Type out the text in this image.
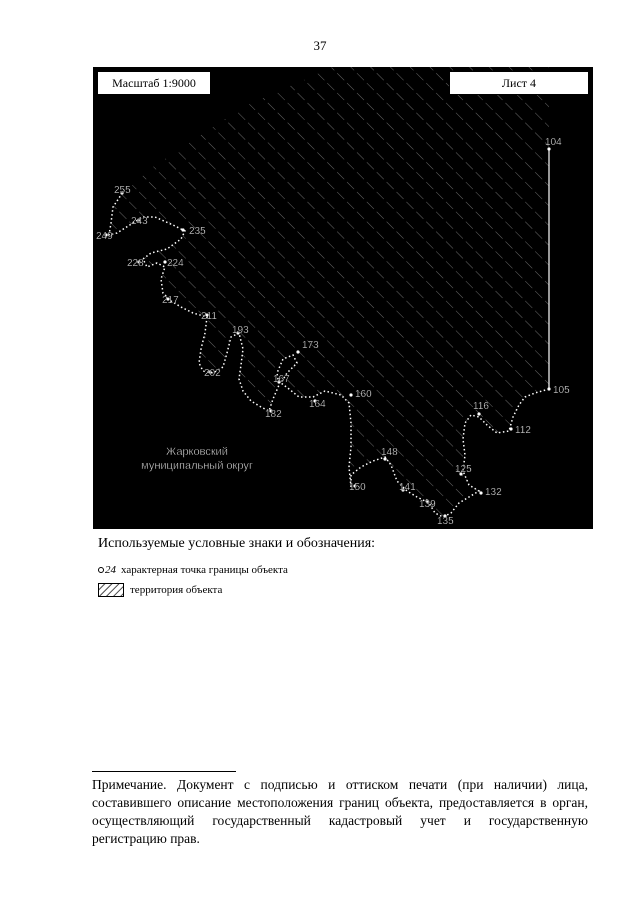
37
104
105
112
116
125
132
135
139
141
148
150
160
164
167
173
182
193
202
211
217
224
228
235
243
249
255
Жарковский
муниципальный округ
Масштаб 1:9000	Лист 4
Используемые условные знаки и обозначения:
24 характерная точка границы объекта
территория объекта
Примечание. Документ с подписью и оттиском печати (при наличии) лица, составившего описание местоположения границ объекта, предоставляется в орган, осуществляющий государственный кадастровый учет и государственную регистрацию прав.
